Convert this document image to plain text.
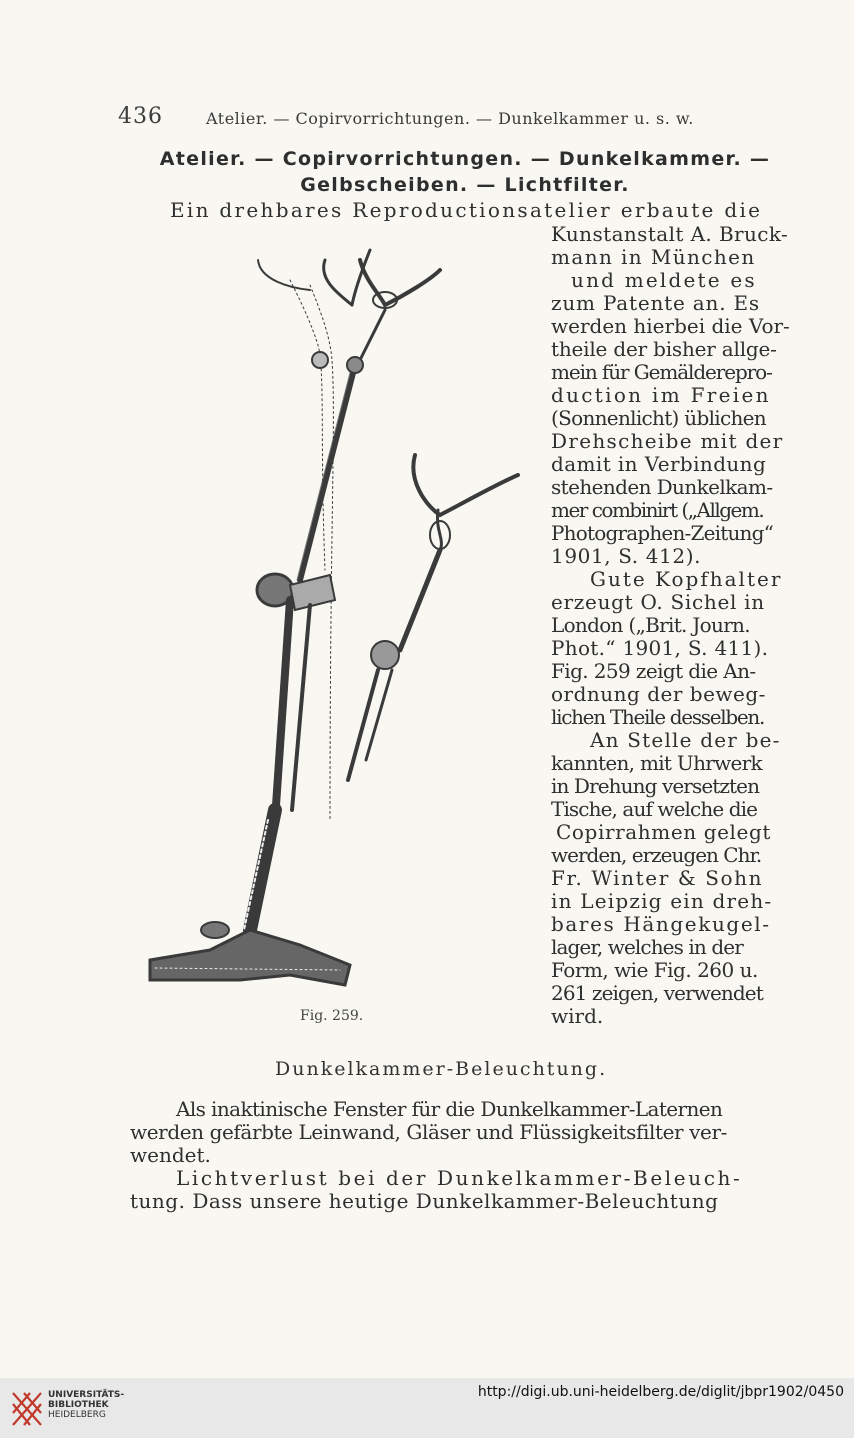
436	Atelier. — Copirvorrichtungen. — Dunkelkammer u. s. w.
Atelier. — Copirvorrichtungen. — Dunkelkammer. —
Gelbscheiben. — Lichtfilter.
Ein drehbares Reproductionsatelier erbaute die
Kunstanstalt A. Bruck-
mann in München
und meldete es
zum Patente an. Es
werden hierbei die Vor-
theile der bisher allge-
mein für Gemälderepro-
duction im Freien
(Sonnenlicht) üblichen
Drehscheibe mit der
damit in Verbindung
stehenden Dunkelkam-
mer combinirt („Allgem.
Photographen-Zeitung“
1901, S. 412).
Gute Kopfhalter
erzeugt O. Sichel in
London („Brit. Journ.
Phot.“ 1901, S. 411).
Fig. 259 zeigt die An-
ordnung der beweg-
lichen Theile desselben.
An Stelle der be-
kannten, mit Uhrwerk
in Drehung versetzten
Tische, auf welche die
Copirrahmen gelegt
werden, erzeugen Chr.
Fr. Winter & Sohn
in Leipzig ein dreh-
bares Hängekugel-
lager, welches in der
Form, wie Fig. 260 u.
261 zeigen, verwendet
wird.
Fig. 259.
Dunkelkammer-Beleuchtung.
Als inaktinische Fenster für die Dunkelkammer-Laternen
werden gefärbte Leinwand, Gläser und Flüssigkeitsfilter ver-
wendet.
Lichtverlust bei der Dunkelkammer-Beleuch-
tung. Dass unsere heutige Dunkelkammer-Beleuchtung
UNIVERSITÄTS-
BIBLIOTHEK
HEIDELBERG
http://digi.ub.uni-heidelberg.de/diglit/jbpr1902/0450
